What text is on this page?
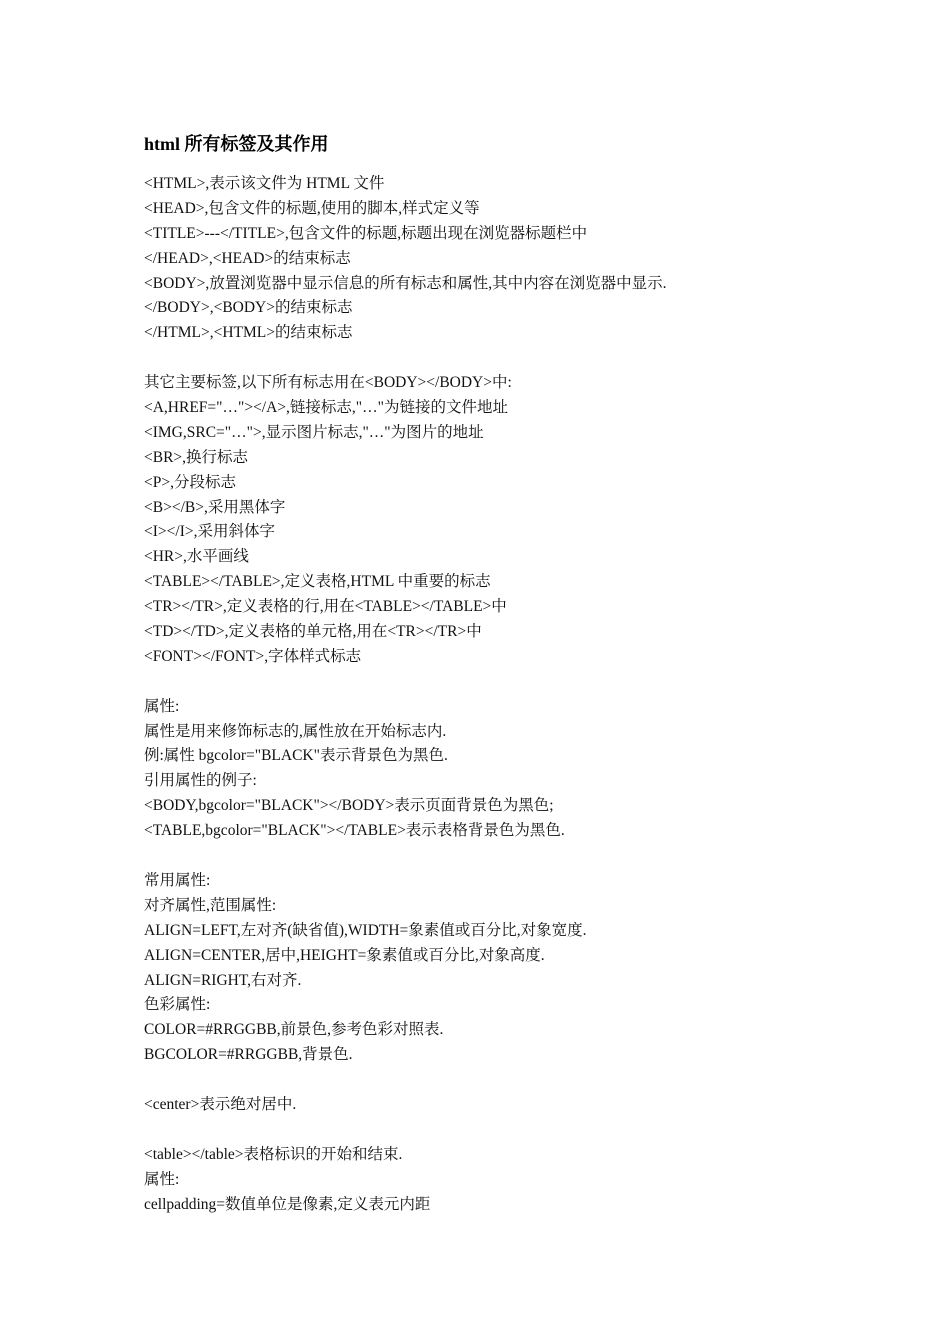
html 所有标签及其作用
<HTML>,表示该文件为 HTML 文件
<HEAD>,包含文件的标题,使用的脚本,样式定义等
<TITLE>---</TITLE>,包含文件的标题,标题出现在浏览器标题栏中
</HEAD>,<HEAD>的结束标志
<BODY>,放置浏览器中显示信息的所有标志和属性,其中内容在浏览器中显示.
</BODY>,<BODY>的结束标志
</HTML>,<HTML>的结束标志
其它主要标签,以下所有标志用在<BODY></BODY>中:
<A,HREF="…"></A>,链接标志,"…"为链接的文件地址
<IMG,SRC="…">,显示图片标志,"…"为图片的地址
<BR>,换行标志
<P>,分段标志
<B></B>,采用黑体字
<I></I>,采用斜体字
<HR>,水平画线
<TABLE></TABLE>,定义表格,HTML 中重要的标志
<TR></TR>,定义表格的行,用在<TABLE></TABLE>中
<TD></TD>,定义表格的单元格,用在<TR></TR>中
<FONT></FONT>,字体样式标志
属性:
属性是用来修饰标志的,属性放在开始标志内.
例:属性 bgcolor="BLACK"表示背景色为黑色.
引用属性的例子:
<BODY,bgcolor="BLACK"></BODY>表示页面背景色为黑色;
<TABLE,bgcolor="BLACK"></TABLE>表示表格背景色为黑色.
常用属性:
对齐属性,范围属性:
ALIGN=LEFT,左对齐(缺省值),WIDTH=象素值或百分比,对象宽度.
ALIGN=CENTER,居中,HEIGHT=象素值或百分比,对象高度.
ALIGN=RIGHT,右对齐.
色彩属性:
COLOR=#RRGGBB,前景色,参考色彩对照表.
BGCOLOR=#RRGGBB,背景色.
<center>表示绝对居中.
<table></table>表格标识的开始和结束.
属性:
cellpadding=数值单位是像素,定义表元内距
